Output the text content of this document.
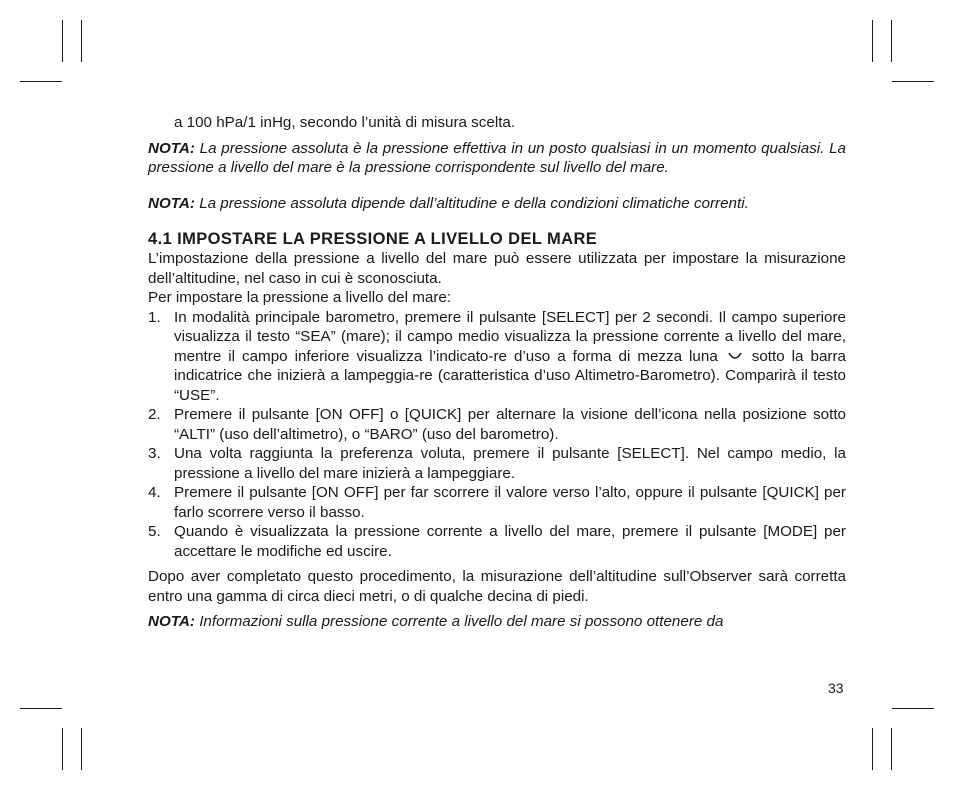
a 100 hPa/1 inHg, secondo l’unità di misura scelta.

NOTA: La pressione assoluta è la pressione effettiva in un posto qualsiasi in un momento qualsiasi. La pressione a livello del mare è la pressione corrispondente sul livello del mare.

NOTA: La pressione assoluta dipende dall’altitudine e della condizioni climatiche correnti.

4.1 IMPOSTARE LA PRESSIONE A LIVELLO DEL MARE

L’impostazione della pressione a livello del mare può essere utilizzata per impostare la misurazione dell’altitudine, nel caso in cui è sconosciuta.

Per impostare la pressione a livello del mare:

1. In modalità principale barometro, premere il pulsante [SELECT] per 2 secondi. Il campo superiore visualizza il testo “SEA” (mare); il campo medio visualizza la pressione corrente a livello del mare, mentre il campo inferiore visualizza l’indicato-re d’uso a forma di mezza luna sotto la barra indicatrice che inizierà a lampeggia-re (caratteristica d’uso Altimetro-Barometro). Comparirà il testo “USE”.
2. Premere il pulsante [ON OFF] o [QUICK] per alternare la visione dell’icona nella posizione sotto “ALTI” (uso dell’altimetro), o “BARO” (uso del barometro).
3. Una volta raggiunta la preferenza voluta, premere il pulsante [SELECT]. Nel campo medio, la pressione a livello del mare inizierà a lampeggiare.
4. Premere il pulsante [ON OFF] per far scorrere il valore verso l’alto, oppure il pulsante [QUICK] per farlo scorrere verso il basso.
5. Quando è visualizzata la pressione corrente a livello del mare, premere il pulsante [MODE] per accettare le modifiche ed uscire.

Dopo aver completato questo procedimento, la misurazione dell’altitudine sull’Observer sarà corretta entro una gamma di circa dieci metri, o di qualche decina di piedi.

NOTA: Informazioni sulla pressione corrente a livello del mare si possono ottenere da

33
